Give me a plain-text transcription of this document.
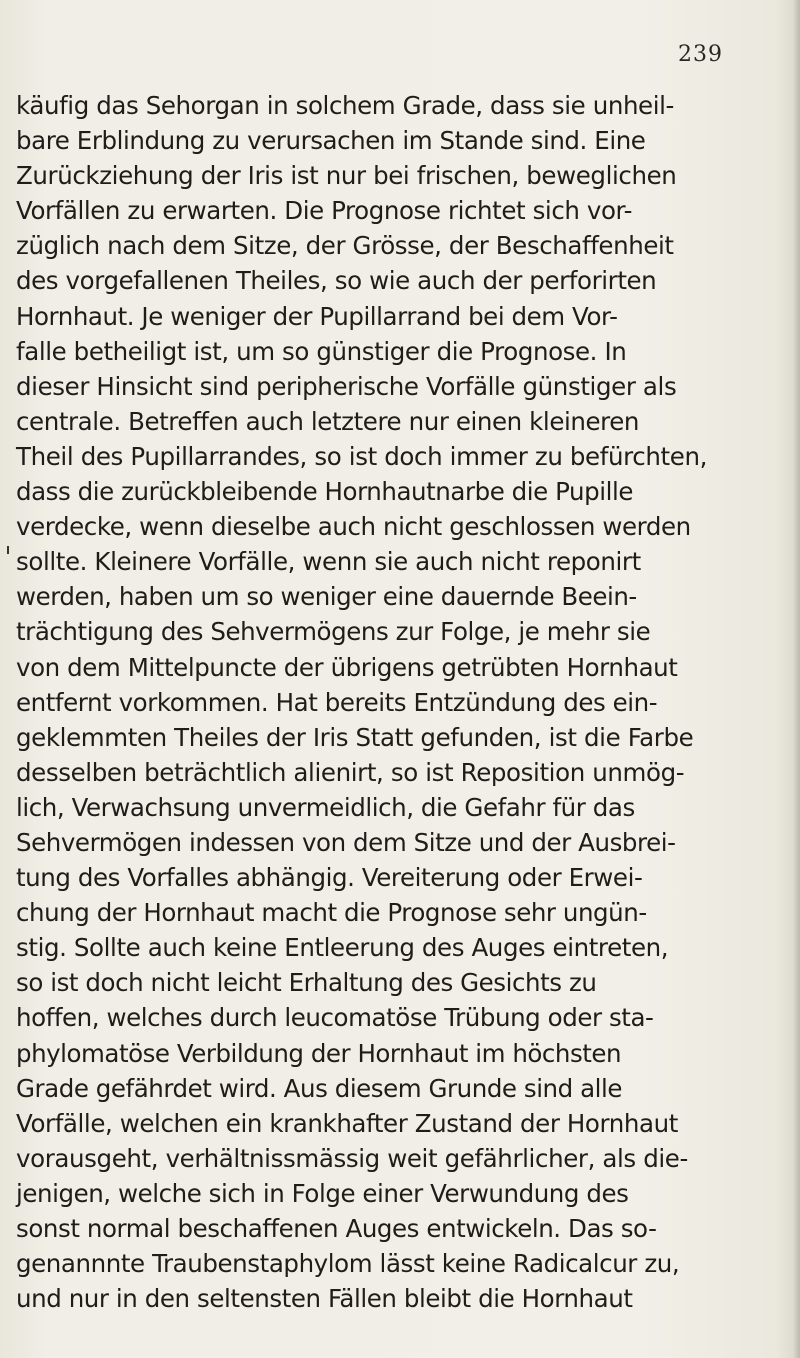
239
käufig das Sehorgan in solchem Grade, dass sie unheil-
bare Erblindung zu verursachen im Stande sind. Eine
Zurückziehung der Iris ist nur bei frischen, beweglichen
Vorfällen zu erwarten. Die Prognose richtet sich vor-
züglich nach dem Sitze, der Grösse, der Beschaffenheit
des vorgefallenen Theiles, so wie auch der perforirten
Hornhaut. Je weniger der Pupillarrand bei dem Vor-
falle betheiligt ist, um so günstiger die Prognose. In
dieser Hinsicht sind peripherische Vorfälle günstiger als
centrale. Betreffen auch letztere nur einen kleineren
Theil des Pupillarrandes, so ist doch immer zu befürchten,
dass die zurückbleibende Hornhautnarbe die Pupille
verdecke, wenn dieselbe auch nicht geschlossen werden
sollte. Kleinere Vorfälle, wenn sie auch nicht reponirt
werden, haben um so weniger eine dauernde Beein-
trächtigung des Sehvermögens zur Folge, je mehr sie
von dem Mittelpuncte der übrigens getrübten Hornhaut
entfernt vorkommen. Hat bereits Entzündung des ein-
geklemmten Theiles der Iris Statt gefunden, ist die Farbe
desselben beträchtlich alienirt, so ist Reposition unmög-
lich, Verwachsung unvermeidlich, die Gefahr für das
Sehvermögen indessen von dem Sitze und der Ausbrei-
tung des Vorfalles abhängig. Vereiterung oder Erwei-
chung der Hornhaut macht die Prognose sehr ungün-
stig. Sollte auch keine Entleerung des Auges eintreten,
so ist doch nicht leicht Erhaltung des Gesichts zu
hoffen, welches durch leucomatöse Trübung oder sta-
phylomatöse Verbildung der Hornhaut im höchsten
Grade gefährdet wird. Aus diesem Grunde sind alle
Vorfälle, welchen ein krankhafter Zustand der Hornhaut
vorausgeht, verhältnissmässig weit gefährlicher, als die-
jenigen, welche sich in Folge einer Verwundung des
sonst normal beschaffenen Auges entwickeln. Das so-
genannnte Traubenstaphylom lässt keine Radicalcur zu,
und nur in den seltensten Fällen bleibt die Hornhaut
